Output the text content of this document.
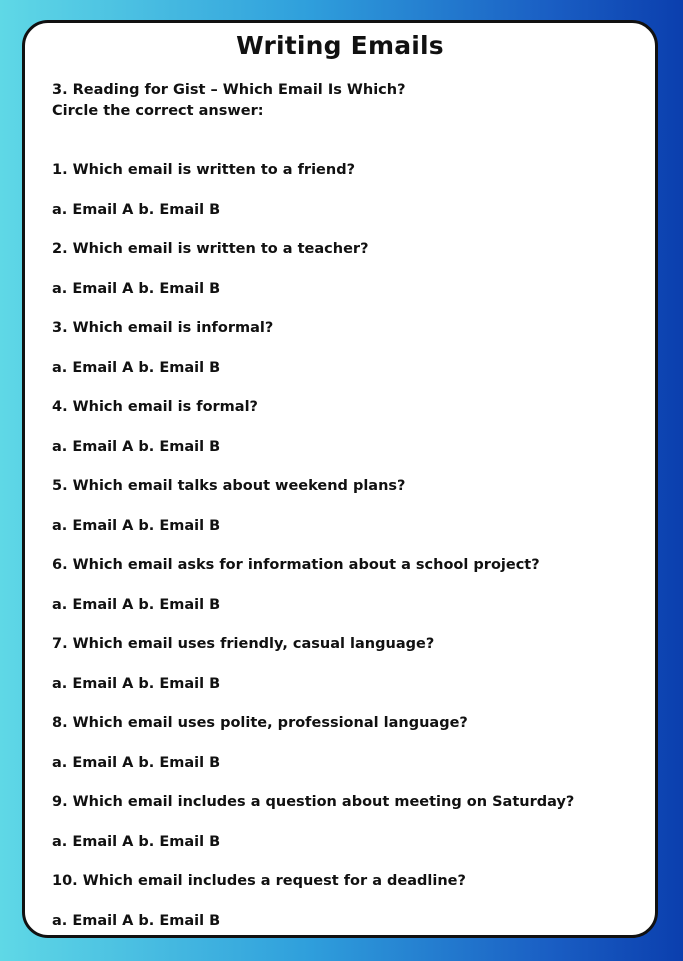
Writing Emails
3. Reading for Gist – Which Email Is Which?
Circle the correct answer:
1. Which email is written to a friend?
a. Email A b. Email B
2. Which email is written to a teacher?
a. Email A b. Email B
3. Which email is informal?
a. Email A b. Email B
4. Which email is formal?
a. Email A b. Email B
5. Which email talks about weekend plans?
a. Email A b. Email B
6. Which email asks for information about a school project?
a. Email A b. Email B
7. Which email uses friendly, casual language?
a. Email A b. Email B
8. Which email uses polite, professional language?
a. Email A b. Email B
9. Which email includes a question about meeting on Saturday?
a. Email A b. Email B
10. Which email includes a request for a deadline?
a. Email A b. Email B
